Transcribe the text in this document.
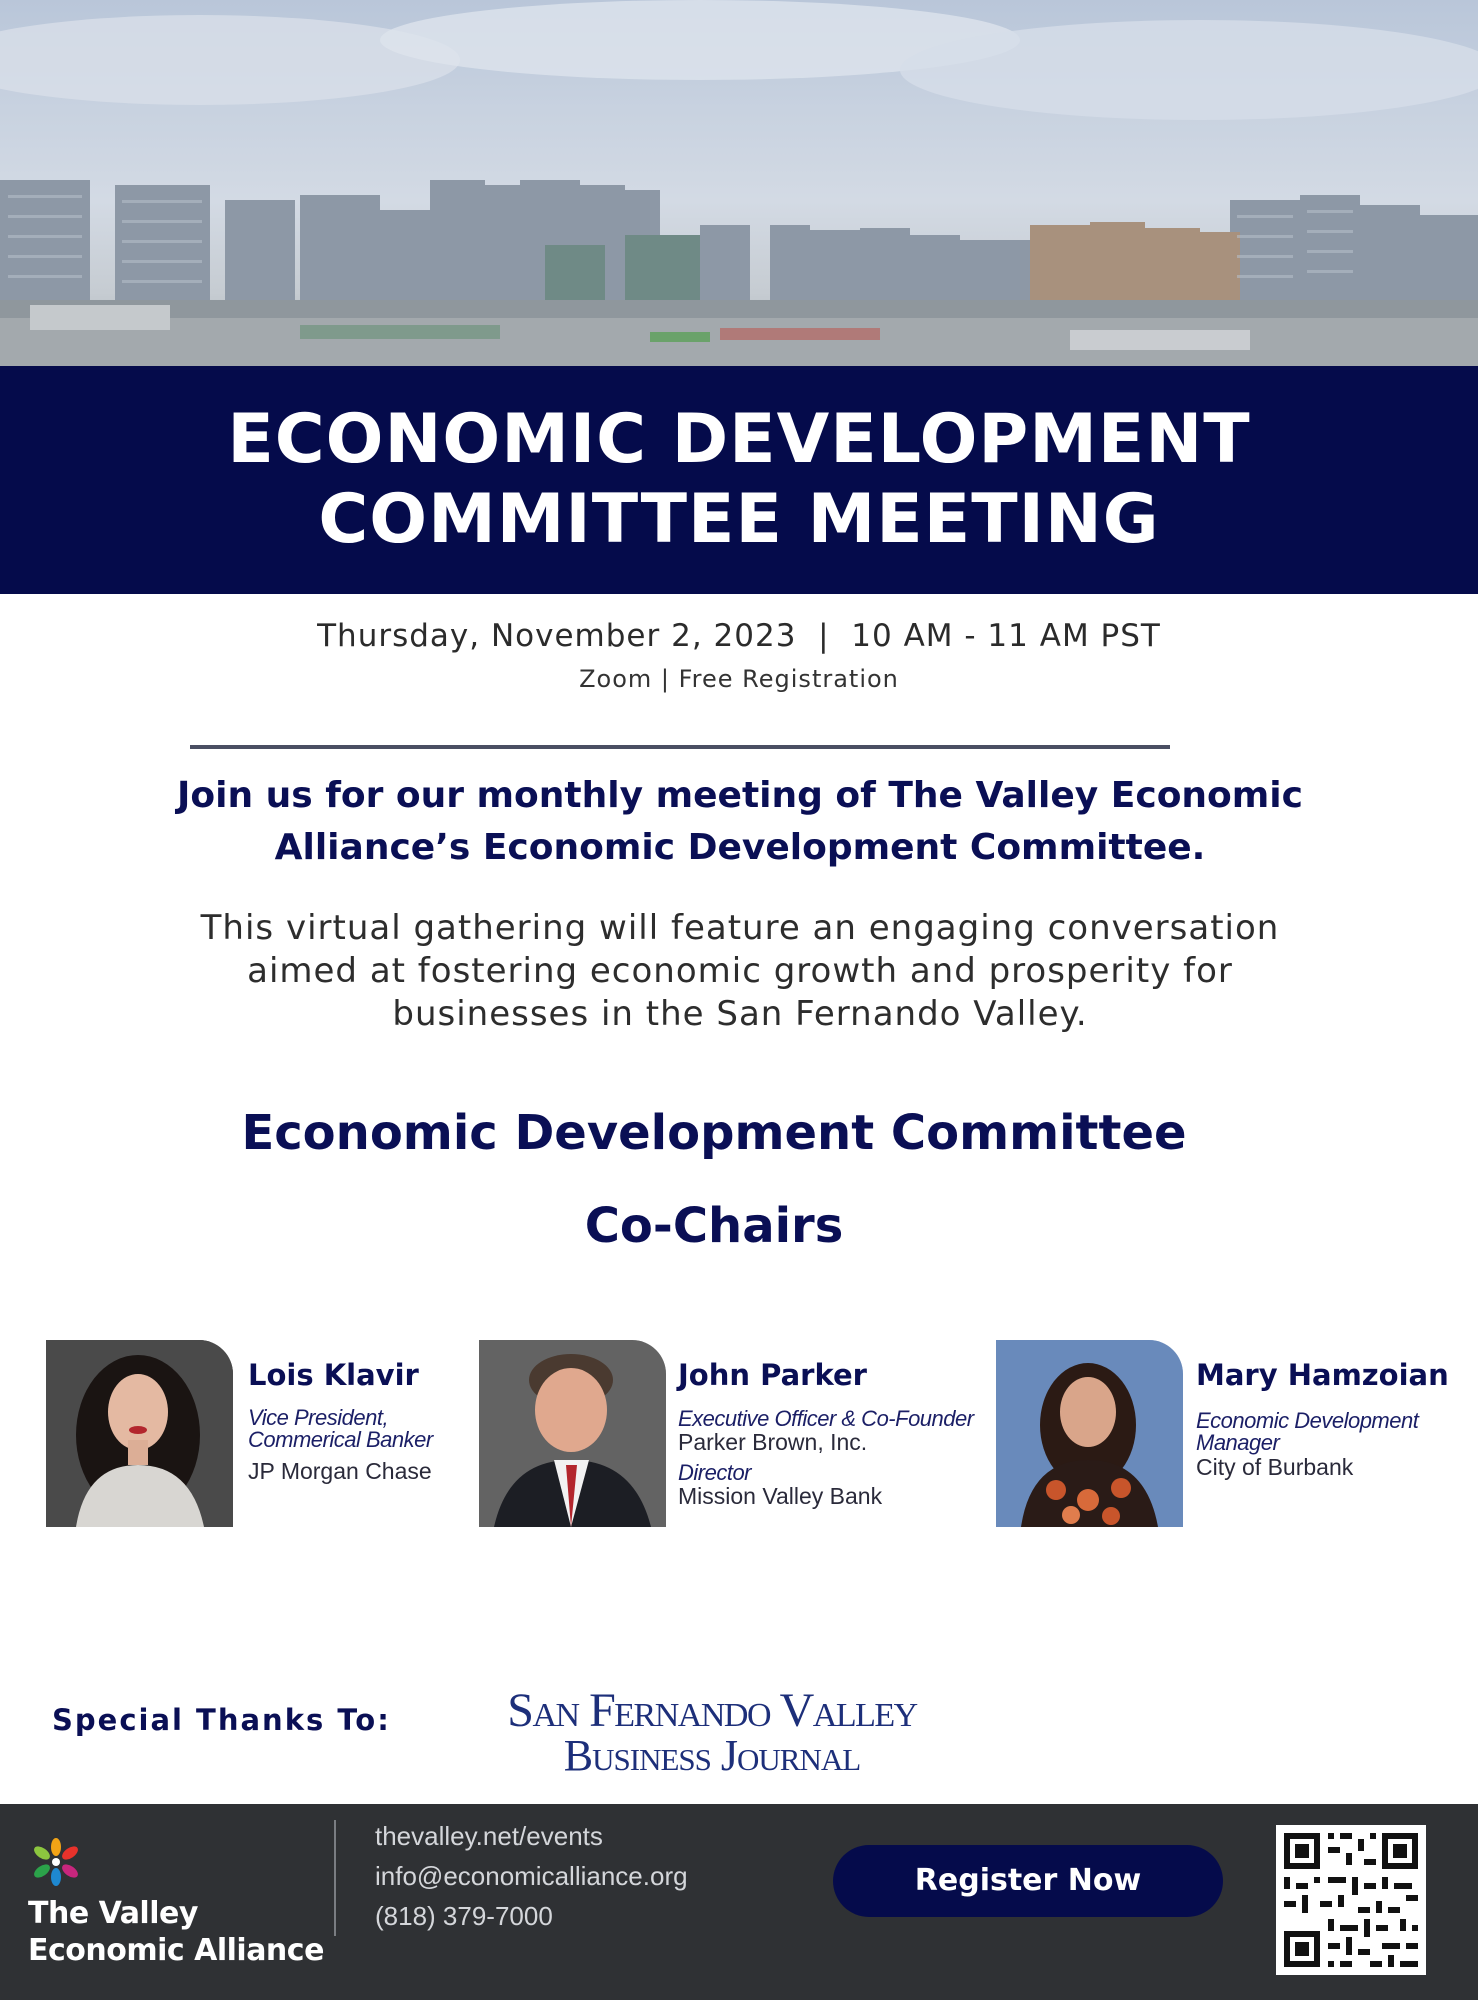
ECONOMIC DEVELOPMENT
COMMITTEE MEETING
Thursday, November 2, 2023  |  10 AM - 11 AM PST
Zoom | Free Registration
Join us for our monthly meeting of The Valley Economic
Alliance’s Economic Development Committee.
This virtual gathering will feature an engaging conversation
aimed at fostering economic growth and prosperity for
businesses in the San Fernando Valley.
Economic Development Committee
Co-Chairs
Lois Klavir
Vice President,
Commerical Banker
JP Morgan Chase
John Parker
Executive Officer & Co-Founder
Parker Brown, Inc.
Director
Mission Valley Bank
Mary Hamzoian
Economic Development
Manager
City of Burbank
Special Thanks To:	San Fernando Valley
Business Journal
The Valley
Economic Alliance
thevalley.net/events
info@economicalliance.org
(818) 379-7000
Register Now
